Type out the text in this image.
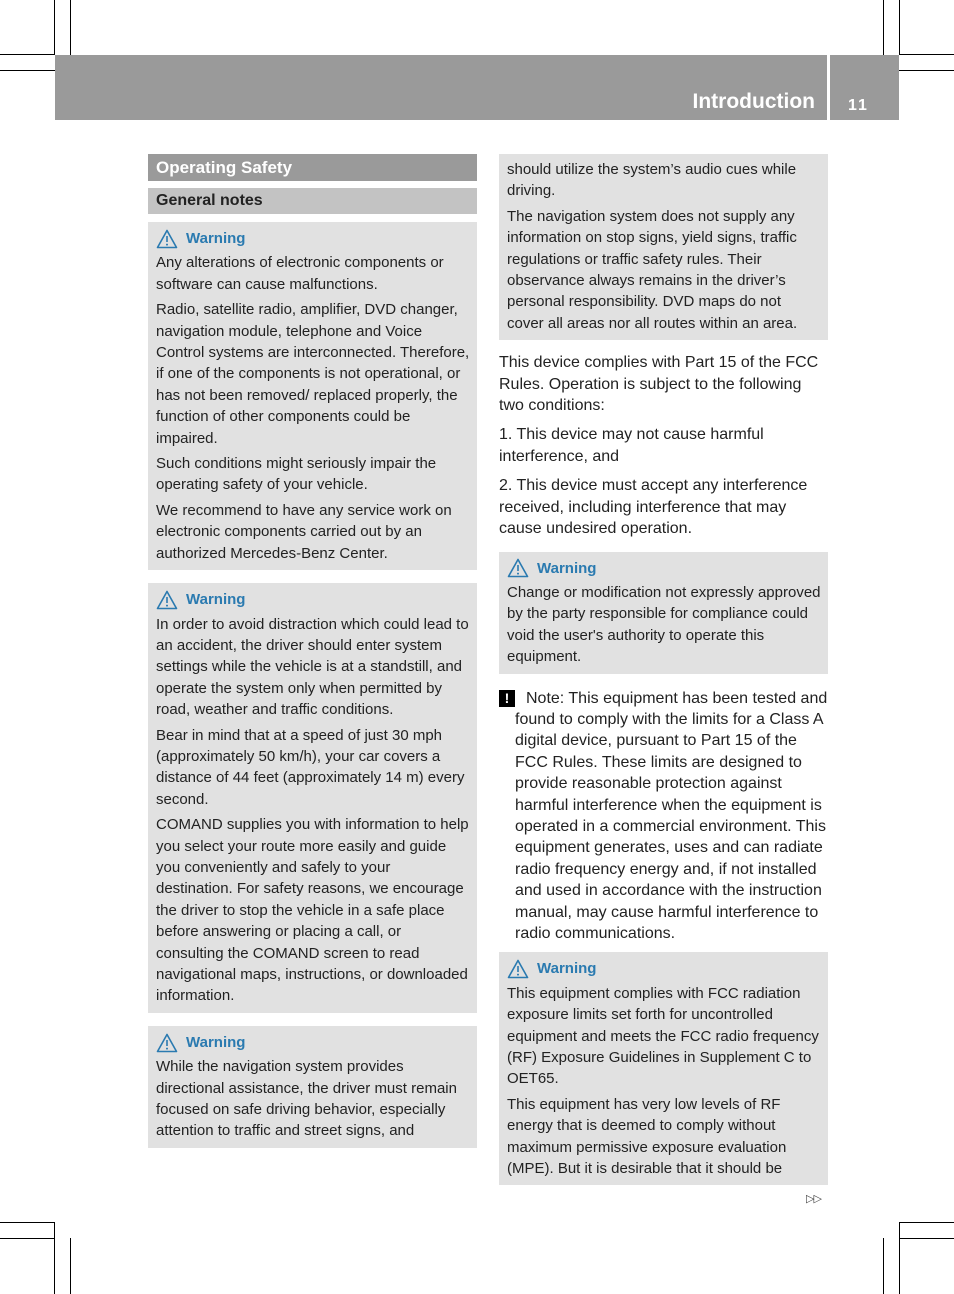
Introduction 11
Operating Safety
General notes
Warning

Any alterations of electronic components or software can cause malfunctions.

Radio, satellite radio, amplifier, DVD changer, navigation module, telephone and Voice Control systems are interconnected. Therefore, if one of the components is not operational, or has not been removed/ replaced properly, the function of other components could be impaired.

Such conditions might seriously impair the operating safety of your vehicle.

We recommend to have any service work on electronic components carried out by an authorized Mercedes-Benz Center.

Warning

In order to avoid distraction which could lead to an accident, the driver should enter system settings while the vehicle is at a standstill, and operate the system only when permitted by road, weather and traffic conditions.

Bear in mind that at a speed of just 30 mph (approximately 50 km/h), your car covers a distance of 44 feet (approximately 14 m) every second.

COMAND supplies you with information to help you select your route more easily and guide you conveniently and safely to your destination. For safety reasons, we encourage the driver to stop the vehicle in a safe place before answering or placing a call, or consulting the COMAND screen to read navigational maps, instructions, or downloaded information.

Warning

While the navigation system provides directional assistance, the driver must remain focused on safe driving behavior, especially attention to traffic and street signs, and

should utilize the system’s audio cues while driving.

The navigation system does not supply any information on stop signs, yield signs, traffic regulations or traffic safety rules. Their observance always remains in the driver’s personal responsibility. DVD maps do not cover all areas nor all routes within an area.

This device complies with Part 15 of the FCC Rules. Operation is subject to the following two conditions:

1. This device may not cause harmful interference, and

2. This device must accept any interference received, including interference that may cause undesired operation.

Warning

Change or modification not expressly approved by the party responsible for compliance could void the user's authority to operate this equipment.

!	Note: This equipment has been tested and found to comply with the limits for a Class A digital device, pursuant to Part 15 of the FCC Rules. These limits are designed to provide reasonable protection against harmful interference when the equipment is operated in a commercial environment. This equipment generates, uses and can radiate radio frequency energy and, if not installed and used in accordance with the instruction manual, may cause harmful interference to radio communications.
Warning

This equipment complies with FCC radiation exposure limits set forth for uncontrolled equipment and meets the FCC radio frequency (RF) Exposure Guidelines in Supplement C to OET65.

This equipment has very low levels of RF energy that is deemed to comply without maximum permissive exposure evaluation (MPE). But it is desirable that it should be

▷▷
